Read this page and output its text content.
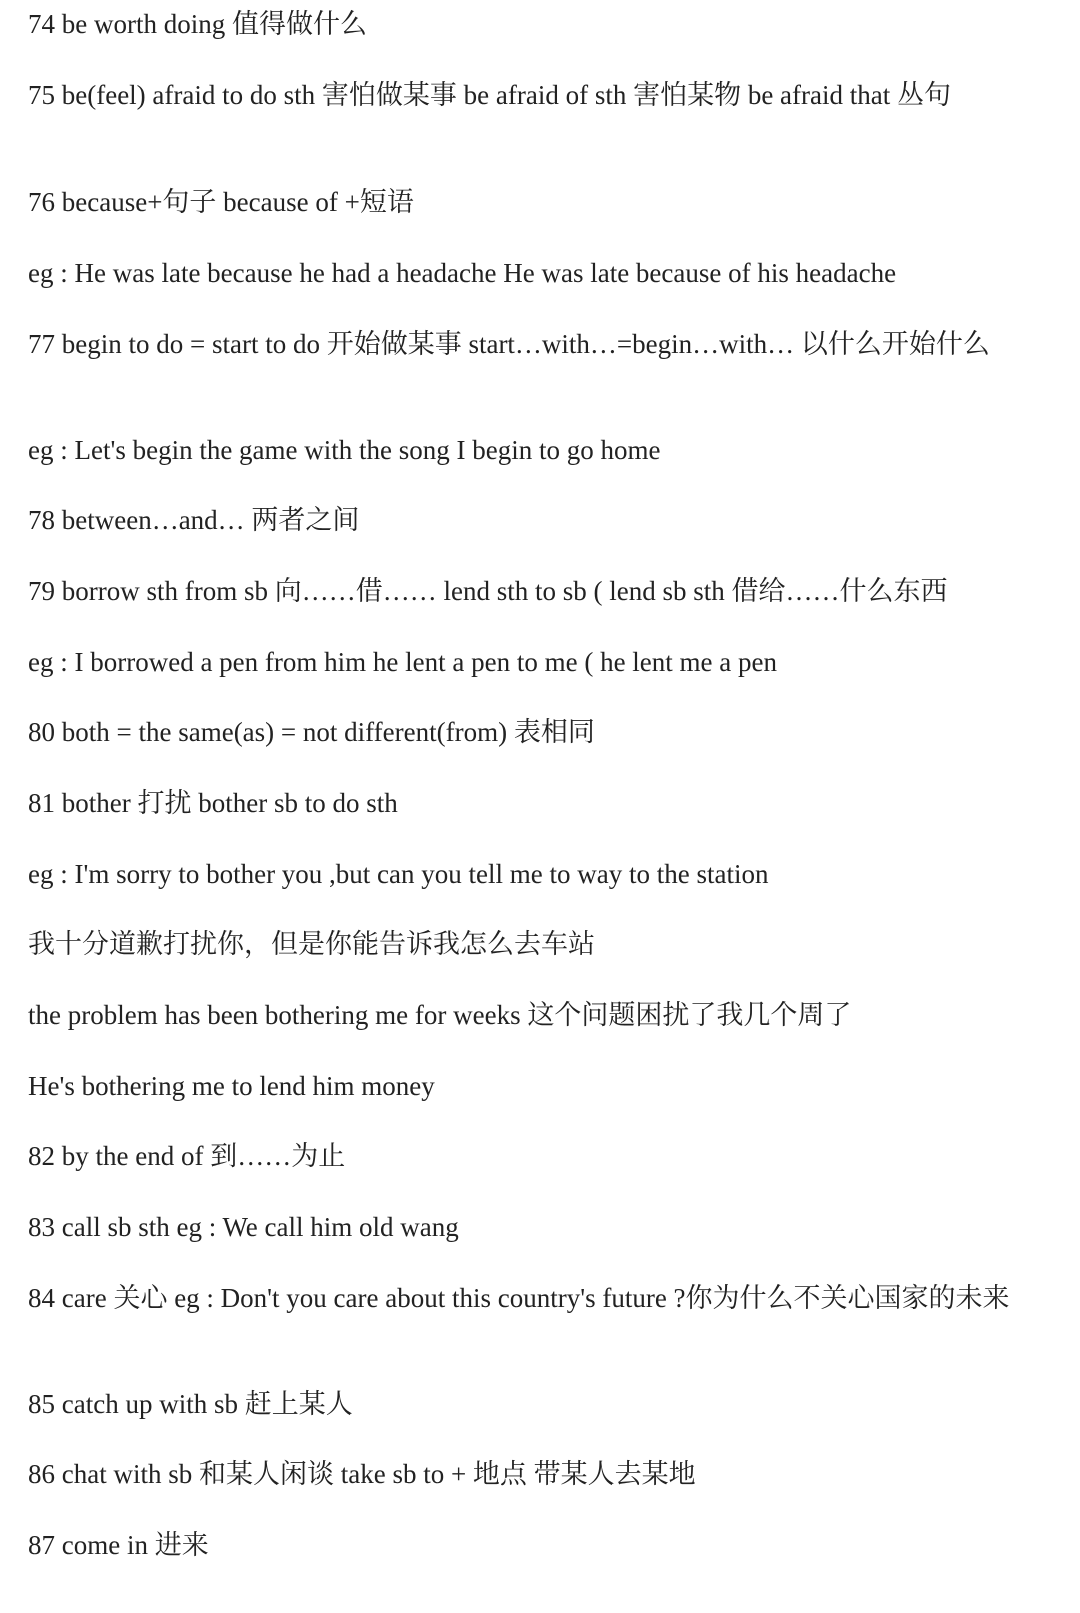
74 be worth doing 值得做什么
75 be(feel) afraid to do sth 害怕做某事 be afraid of sth 害怕某物 be afraid that 丛句
76 because+句子 because of +短语
eg : He was late because he had a headache He was late because of his headache
77 begin to do = start to do 开始做某事 start…with…=begin…with… 以什么开始什么
eg : Let's begin the game with the song I begin to go home
78 between…and… 两者之间
79 borrow sth from sb 向……借…… lend sth to sb ( lend sb sth 借给……什么东西
eg : I borrowed a pen from him he lent a pen to me ( he lent me a pen
80 both = the same(as) = not different(from) 表相同
81 bother 打扰 bother sb to do sth
eg : I'm sorry to bother you ,but can you tell me to way to the station
我十分道歉打扰你，但是你能告诉我怎么去车站
the problem has been bothering me for weeks 这个问题困扰了我几个周了
He's bothering me to lend him money
82 by the end of 到……为止
83 call sb sth eg : We call him old wang
84 care 关心 eg : Don't you care about this country's future ?你为什么不关心国家的未来
85 catch up with sb 赶上某人
86 chat with sb 和某人闲谈 take sb to + 地点 带某人去某地
87 come in 进来
